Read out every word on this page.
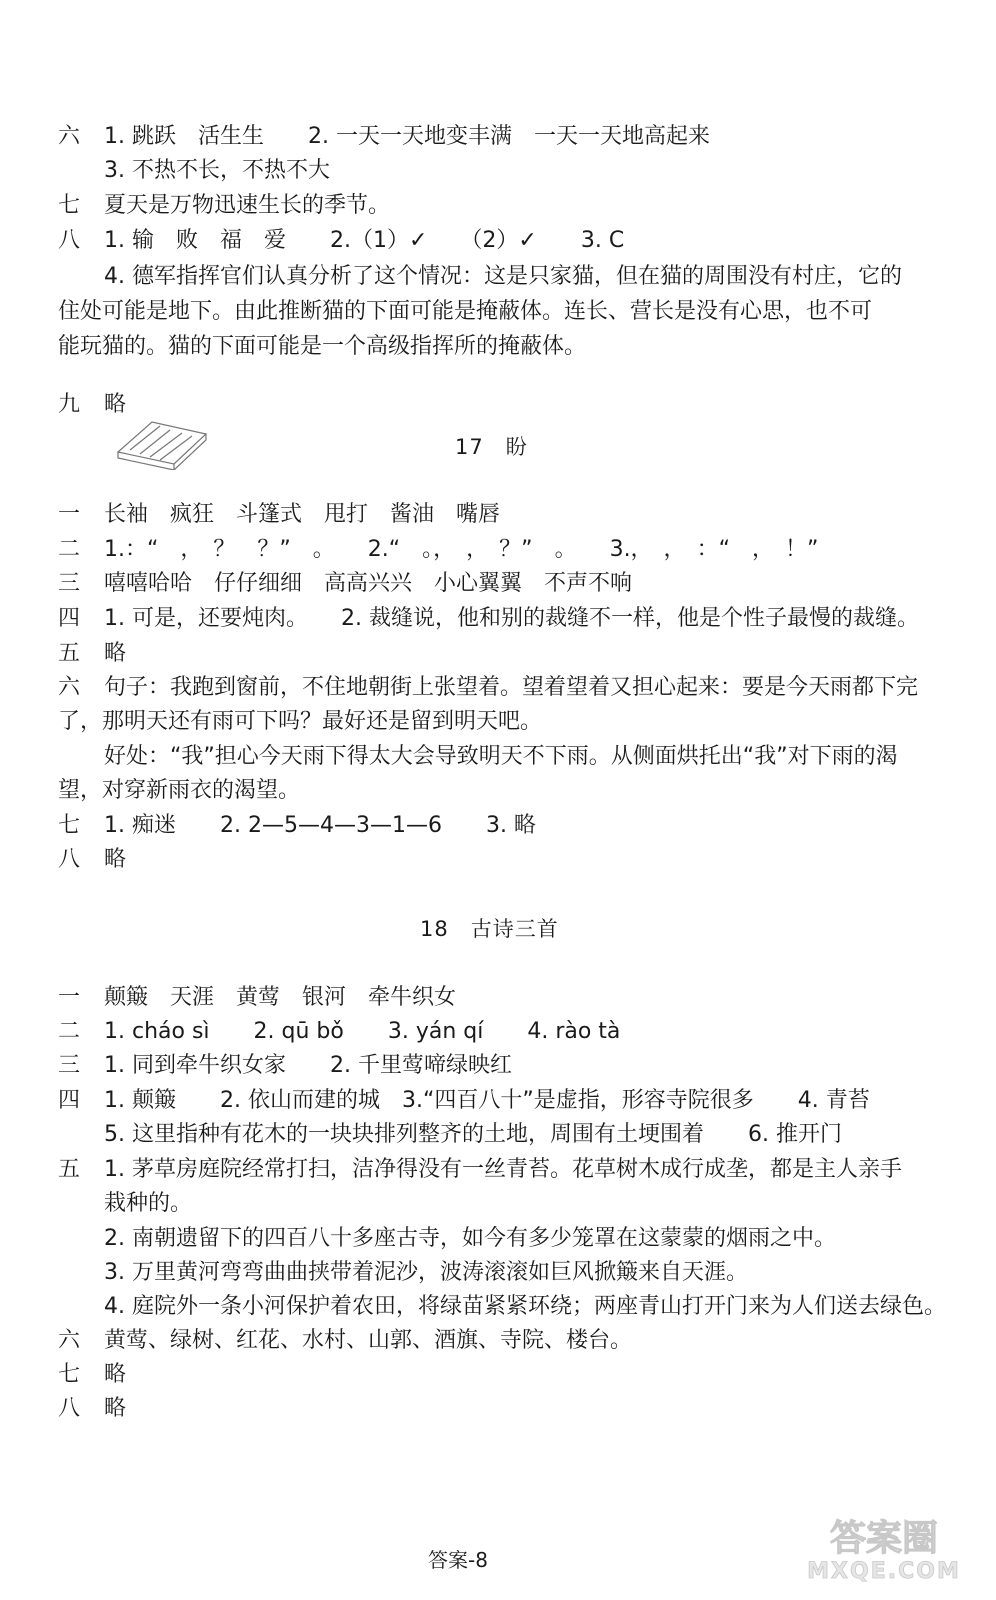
六 1. 跳跃　活生生　　2. 一天一天地变丰满　一天一天地高起来
3. 不热不长，不热不大
七 夏天是万物迅速生长的季节。
八 1. 输　败　福　爱　　2.（1）✓　　（2）✓　　3. C
4. 德军指挥官们认真分析了这个情况：这是只家猫，但在猫的周围没有村庄，它的
住处可能是地下。由此推断猫的下面可能是掩蔽体。连长、营长是没有心思，也不可
能玩猫的。猫的下面可能是一个高级指挥所的掩蔽体。
九 略
17　盼
一 长袖　疯狂　斗篷式　甩打　酱油　嘴唇
二 1.：“　，　？　？”　。　　2.“　。，　，　？”　。　　3.，　，　：“　，　！”
三 嘻嘻哈哈　仔仔细细　高高兴兴　小心翼翼　不声不响
四 1. 可是，还要炖肉。　　2. 裁缝说，他和别的裁缝不一样，他是个性子最慢的裁缝。
五 略
六 句子：我跑到窗前，不住地朝街上张望着。望着望着又担心起来：要是今天雨都下完
了，那明天还有雨可下吗？最好还是留到明天吧。
好处：“我”担心今天雨下得太大会导致明天不下雨。从侧面烘托出“我”对下雨的渴
望，对穿新雨衣的渴望。
七 1. 痴迷　　2. 2—5—4—3—1—6　　3. 略
八 略
18　古诗三首
一 颠簸　天涯　黄莺　银河　牵牛织女
二 1. cháo sì　　2. qū bǒ　　3. yán qí　　4. rào tà
三 1. 同到牵牛织女家　　2. 千里莺啼绿映红
四 1. 颠簸　　2. 依山而建的城　3.“四百八十”是虚指，形容寺院很多　　4. 青苔
5. 这里指种有花木的一块块排列整齐的土地，周围有土埂围着　　6. 推开门
五 1. 茅草房庭院经常打扫，洁净得没有一丝青苔。花草树木成行成垄，都是主人亲手
栽种的。
2. 南朝遗留下的四百八十多座古寺，如今有多少笼罩在这蒙蒙的烟雨之中。
3. 万里黄河弯弯曲曲挟带着泥沙，波涛滚滚如巨风掀簸来自天涯。
4. 庭院外一条小河保护着农田，将绿苗紧紧环绕；两座青山打开门来为人们送去绿色。
六 黄莺、绿树、红花、水村、山郭、酒旗、寺院、楼台。
七 略
八 略
答案-8
答案圈
MXQE.COM
